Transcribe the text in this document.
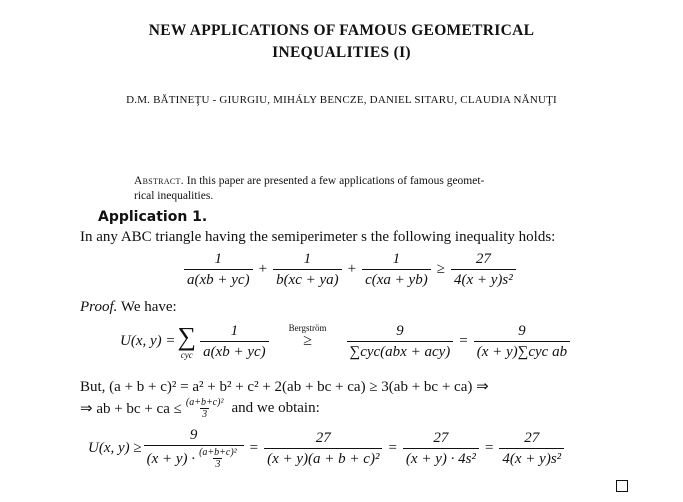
NEW APPLICATIONS OF FAMOUS GEOMETRICAL
INEQUALITIES (I)
D.M. BĂTINEŢU - GIURGIU, MIHÁLY BENCZE, DANIEL SITARU, CLAUDIA NĂNUŢI
Abstract. In this paper are presented a few applications of famous geomet-
rical inequalities.
Application 1.
In any ABC triangle having the semiperimeter s the following inequality holds:
$\frac{1}{a(xb + yc)} + \frac{1}{b(xc + ya)} + \frac{1}{c(xa + yb)} \ge \frac{27}{\text{4(x + y)s²}}$
Proof. We have:
U(x, y) = ∑
cyc $\frac{1}{a(xb + yc)}$ Bergström
≥ $\frac{9}{\text{∑cyc(abx + acy)}} = \frac{9}{\text{(x + y)∑cyc ab}}$
But, (a + b + c)² = a² + b² + c² + 2(ab + bc + ca) ≥ 3(ab + bc + ca) ⇒
⇒ ab + bc + ca ≤ $\frac{\text{(a+b+c)²}}{3}$ and we obtain:
U(x, $y) \ge \frac{9}{(x + y) \cdot \frac{\text{(a+b+c)²}}{3}} = \frac{27}{\text{(x + y)(a + b + c)²}} = \frac{27}{\text{(x + y) · 4s²}} = \frac{27}{\text{4(x + y)s²}}$
